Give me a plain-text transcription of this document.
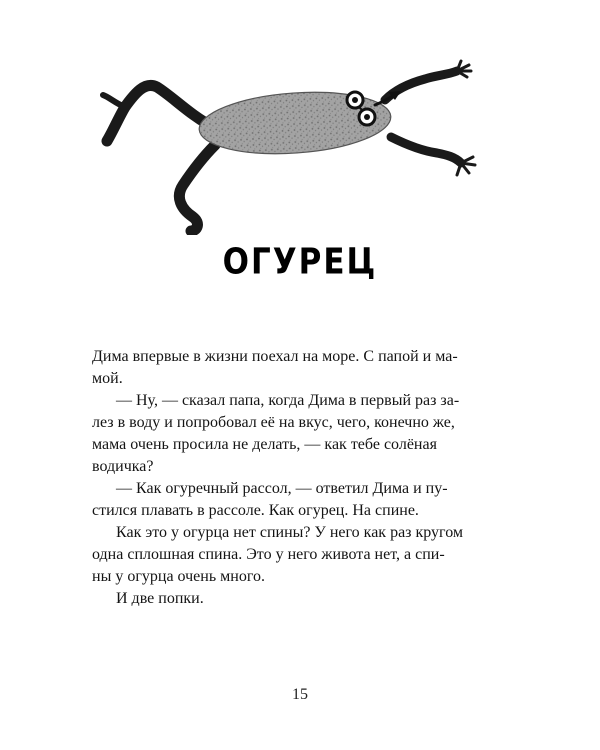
ОГУРЕЦ
Дима впервые в жизни поехал на море. С папой и ма-
мой.
— Ну, — сказал папа, когда Дима в первый раз за-
лез в воду и попробовал её на вкус, чего, конечно же,
мама очень просила не делать, — как тебе солёная
водичка?
— Как огуречный рассол, — ответил Дима и пу-
стился плавать в рассоле. Как огурец. На спине.
Как это у огурца нет спины? У него как раз кругом
одна сплошная спина. Это у него живота нет, а спи-
ны у огурца очень много.
И две попки.
15
